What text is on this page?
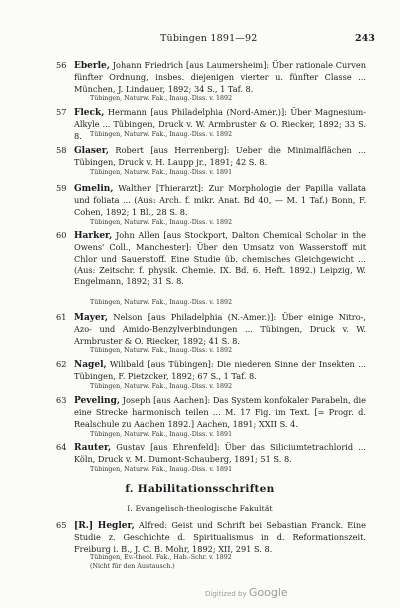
Tübingen 1891—92	243
56 Eberle, Johann Friedrich [aus Laumersheim]: Über rationale Curven fünfter Ordnung, insbes. diejenigen vierter u. fünfter Classe ... München, J. Lindauer, 1892; 34 S., 1 Taf. 8.
Tübingen, Naturw. Fak., Inaug.-Diss. v. 1892
57 Fleck, Hermann [aus Philadelphia (Nord-Amer.)]: Über Magnesium-Alkyle ... Tübingen, Druck v. W. Armbruster & O. Riecker, 1892; 33 S. 8.	Tübingen, Naturw. Fak., Inaug.-Diss. v. 1892
58 Glaser, Robert [aus Herrenberg]: Ueber die Minimalflächen ... Tübingen, Druck v. H. Laupp jr., 1891; 42 S. 8.
Tübingen, Naturw. Fak., Inaug.-Diss. v. 1891
59 Gmelin, Walther [Thierarzt]: Zur Morphologie der Papilla vallata und foliata ... (Aus: Arch. f. mikr. Anat. Bd 40, — M. 1 Taf.) Bonn, F. Cohen, 1892; 1 Bl., 28 S. 8.
Tübingen, Naturw. Fak., Inaug.-Diss. v. 1892
60 Harker, John Allen [aus Stockport, Dalton Chemical Scholar in the Owens' Coll., Manchester]: Über den Umsatz von Wasserstoff mit Chlor und Sauerstoff. Eine Studie üb. chemisches Gleichgewicht ... (Aus: Zeitschr. f. physik. Chemie. IX. Bd. 6. Heft. 1892.) Leipzig, W. Engelmann, 1892; 31 S. 8.
Tübingen, Naturw. Fak., Inaug.-Diss. v. 1892
61 Mayer, Nelson [aus Philadelphia (N.-Amer.)]: Über einige Nitro-, Azo- und Amido-Benzylverbindungen ... Tübingen, Druck v. W. Armbruster & O. Riecker, 1892; 41 S. 8.
Tübingen, Naturw. Fak., Inaug.-Diss. v. 1892
62 Nagel, Wilibald [aus Tübingen]: Die niederen Sinne der Insekten ... Tübingen, F. Pietzcker, 1892; 67 S., 1 Taf. 8.
Tübingen, Naturw. Fak., Inaug.-Diss. v. 1892
63 Peveling, Joseph [aus Aachen]: Das System konfokaler Parabeln, die eine Strecke harmonisch teilen ... M. 17 Fig. im Text. [= Progr. d. Realschule zu Aachen 1892.] Aachen, 1891; XXII S. 4.
Tübingen, Naturw. Fak., Inaug.-Diss. v. 1891
64 Rauter, Gustav [aus Ehrenfeld]: Über das Siliciumtetrachlorid ... Köln, Druck v. M. Dumont-Schauberg, 1891; 51 S. 8.
Tübingen, Naturw. Fak., Inaug.-Diss. v. 1891
f. Habilitationsschriften
I. Evangelisch-theologische Fakultät
65 [R.] Hegler, Alfred: Geist und Schrift bei Sebastian Franck. Eine Studie z. Geschichte d. Spiritualismus in d. Reformationszeit. Freiburg i. B., J. C. B. Mohr, 1892; XII, 291 S. 8.
Tübingen, Ev.-theol. Fak., Hab.-Schr. v. 1892 (Nicht für den Austausch.)
Digitized by Google
